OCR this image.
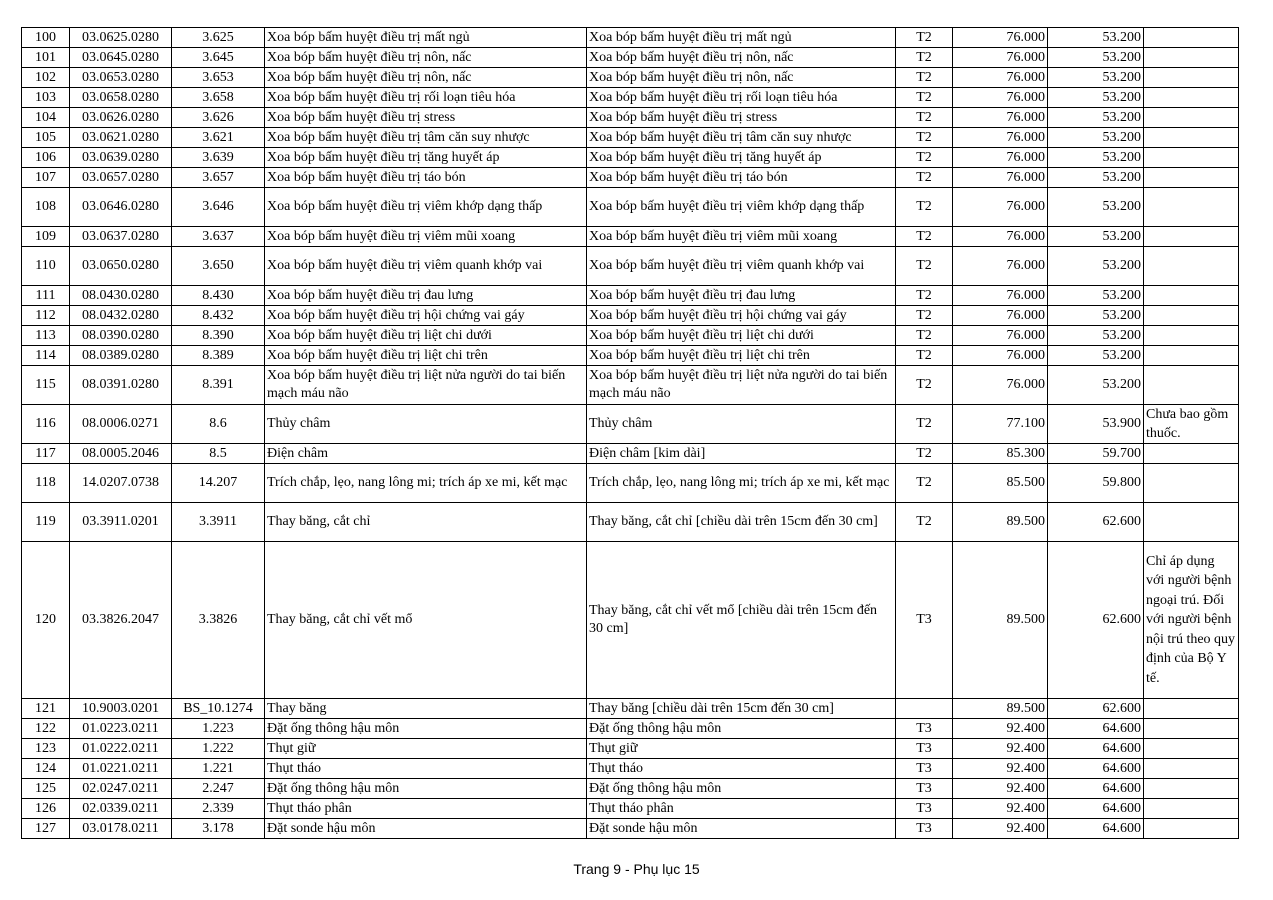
100	03.0625.0280	3.625	Xoa bóp bấm huyệt điều trị mất ngủ	Xoa bóp bấm huyệt điều trị mất ngủ	T2	76.000	53.200	
101	03.0645.0280	3.645	Xoa bóp bấm huyệt điều trị nôn, nấc	Xoa bóp bấm huyệt điều trị nôn, nấc	T2	76.000	53.200	
102	03.0653.0280	3.653	Xoa bóp bấm huyệt điều trị nôn, nấc	Xoa bóp bấm huyệt điều trị nôn, nấc	T2	76.000	53.200	
103	03.0658.0280	3.658	Xoa bóp bấm huyệt điều trị rối loạn tiêu hóa	Xoa bóp bấm huyệt điều trị rối loạn tiêu hóa	T2	76.000	53.200	
104	03.0626.0280	3.626	Xoa bóp bấm huyệt điều trị stress	Xoa bóp bấm huyệt điều trị stress	T2	76.000	53.200	
105	03.0621.0280	3.621	Xoa bóp bấm huyệt điều trị tâm căn suy nhược	Xoa bóp bấm huyệt điều trị tâm căn suy nhược	T2	76.000	53.200	
106	03.0639.0280	3.639	Xoa bóp bấm huyệt điều trị tăng huyết áp	Xoa bóp bấm huyệt điều trị tăng huyết áp	T2	76.000	53.200	
107	03.0657.0280	3.657	Xoa bóp bấm huyệt điều trị táo bón	Xoa bóp bấm huyệt điều trị táo bón	T2	76.000	53.200	
108	03.0646.0280	3.646	Xoa bóp bấm huyệt điều trị viêm khớp dạng thấp	Xoa bóp bấm huyệt điều trị viêm khớp dạng thấp	T2	76.000	53.200	
109	03.0637.0280	3.637	Xoa bóp bấm huyệt điều trị viêm mũi xoang	Xoa bóp bấm huyệt điều trị viêm mũi xoang	T2	76.000	53.200	
110	03.0650.0280	3.650	Xoa bóp bấm huyệt điều trị viêm quanh khớp vai	Xoa bóp bấm huyệt điều trị viêm quanh khớp vai	T2	76.000	53.200	
111	08.0430.0280	8.430	Xoa bóp bấm huyệt điều trị đau lưng	Xoa bóp bấm huyệt điều trị đau lưng	T2	76.000	53.200	
112	08.0432.0280	8.432	Xoa bóp bấm huyệt điều trị hội chứng vai gáy	Xoa bóp bấm huyệt điều trị hội chứng vai gáy	T2	76.000	53.200	
113	08.0390.0280	8.390	Xoa bóp bấm huyệt điều trị liệt chi dưới	Xoa bóp bấm huyệt điều trị liệt chi dưới	T2	76.000	53.200	
114	08.0389.0280	8.389	Xoa bóp bấm huyệt điều trị liệt chi trên	Xoa bóp bấm huyệt điều trị liệt chi trên	T2	76.000	53.200	
115	08.0391.0280	8.391	Xoa bóp bấm huyệt điều trị liệt nửa người do tai biến mạch máu não	Xoa bóp bấm huyệt điều trị liệt nửa người do tai biến mạch máu não	T2	76.000	53.200	
116	08.0006.0271	8.6	Thủy châm	Thủy châm	T2	77.100	53.900	Chưa bao gồm thuốc.
117	08.0005.2046	8.5	Điện châm	Điện châm [kim dài]	T2	85.300	59.700	
118	14.0207.0738	14.207	Trích chắp, lẹo, nang lông mi; trích áp xe mi, kết mạc	Trích chắp, lẹo, nang lông mi; trích áp xe mi, kết mạc	T2	85.500	59.800	
119	03.3911.0201	3.3911	Thay băng, cắt chỉ	Thay băng, cắt chỉ [chiều dài trên 15cm đến 30 cm]	T2	89.500	62.600	
120	03.3826.2047	3.3826	Thay băng, cắt chỉ vết mổ	Thay băng, cắt chỉ vết mổ [chiều dài trên 15cm đến 30 cm]	T3	89.500	62.600	Chỉ áp dụng với người bệnh ngoại trú. Đối với người bệnh nội trú theo quy định của Bộ Y tế.
121	10.9003.0201	BS_10.1274	Thay băng	Thay băng [chiều dài trên 15cm đến 30 cm]		89.500	62.600	
122	01.0223.0211	1.223	Đặt ống thông hậu môn	Đặt ống thông hậu môn	T3	92.400	64.600	
123	01.0222.0211	1.222	Thụt giữ	Thụt giữ	T3	92.400	64.600	
124	01.0221.0211	1.221	Thụt tháo	Thụt tháo	T3	92.400	64.600	
125	02.0247.0211	2.247	Đặt ống thông hậu môn	Đặt ống thông hậu môn	T3	92.400	64.600	
126	02.0339.0211	2.339	Thụt tháo phân	Thụt tháo phân	T3	92.400	64.600	
127	03.0178.0211	3.178	Đặt sonde hậu môn	Đặt sonde hậu môn	T3	92.400	64.600	
Trang 9 - Phụ lục 15
